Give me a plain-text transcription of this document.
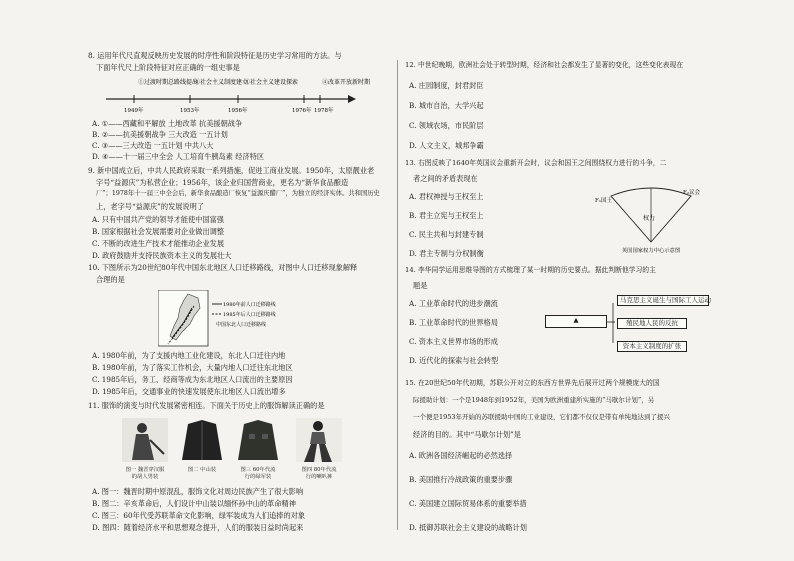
8. 运用年代尺直观反映历史发展的时序性和阶段特征是历史学习常用的方法。与
下面年代尺上阶段特征对应正确的一组史事是
①过渡时期总路线提出
②社会主义制度建立
③社会主义建设探索	④改革开放新时期
1949年	1953年	1956年	1976年 1978年
A. ①——西藏和平解放 土地改革 抗美援朝战争
B. ②——抗美援朝战争 三大改造 一五计划
C. ③——三大改造 一五计划 中共八大
D. ④——十一届三中全会 人工培育牛胰岛素 经济特区
9. 新中国成立后，中共人民政府采取一系列措施，促进工商业发展。1950年，太原靓业老
字号“益源庆”为私营企业；1956年，该企业归国营商业，更名为“新华食品酿造
厂”；1978年十一届三中全会后，新华食品酿造厂恢复“益源庆醋厂”，为独立的经济实体。共和国历史
上，老字号“益源庆”的发展说明了
A. 只有中国共产党的领导才能使中国富强
B. 国家根据社会发展需要对企业做出调整
C. 不断的改进生产技术才能推动企业发展
D. 政府鼓励并支持民族资本主义的发展壮大
10. 下图所示为20世纪80年代中国东北地区人口迁移路线，对图中人口迁移现象解释
合理的是
1980年前人口迁移路线
1985年后人口迁移路线
中国东北人口迁移路线
A. 1980年前，为了支援内地工业化建设，东北人口迁往内地
B. 1980年前，为了落实工作机会，大量内地人口迁往东北地区
C. 1985年后，务工、经商等成为东北地区人口流出的主要原因
D. 1985年后，交通事业的快速发展使东北地区人口流出增多
11. 服饰的演变与时代发展紧密相连。下面关于历史上的服饰解读正确的是
图一 魏晋穿汉服
的胡人男装
图二 中山装	图三 60年代流
行的绿军装
图四 80年代流
行的喇叭裤
A. 图一：魏晋时期中原混乱，服饰文化对周边民族产生了很大影响
B. 图二：辛亥革命后，人们设计中山装以缅怀孙中山的革命精神
C. 图三：60年代受苏联革命文化影响，绿军装成为人们追捧的对象
D. 图四：随着经济水平和思想观念提升，人们的服装日益时尚起来
12. 中世纪晚期，欧洲社会处于转型时期，经济和社会都发生了显著的变化，这些变化表现在
A. 庄园制度，封君封臣
B. 城市自治，大学兴起
C. 领域农场，市民阶层
D. 人文主义，城邦争霸
13. 右图反映了1640年英国议会重新开会时，议会和国王之间围绕权力进行的斗争，二
者之间的矛盾表现在
F₁国王
F₂议会
权力
英国国家权力中心示意图
A. 君权神授与王权至上
B. 君主立宪与王权至上
C. 民主共和与封建专制
D. 君主专制与分权制衡
14. 李华同学运用思维导图的方式梳理了某一时期的历史要点。据此判断他学习的主
题是
▲
马克思主义诞生与国际工人运动
殖民地人民的反抗
资本主义制度的扩张
A. 工业革命时代的进步潮流
B. 工业革命时代的世界格局
C. 资本主义世界市场的形成
D. 近代化的探索与社会转型
15. 在20世纪50年代初期，苏联公开对立的东西方世界先后展开过两个规模庞大的国
际援助计划：一个是1948年到1952年，美国为欧洲重建所实施的“马歇尔计划”，另
一个便是1953年开始的苏联援助中国的工业建设，它们都不仅仅是带有单纯地达到了援兴
经济的目的。其中“马歇尔计划”是
A. 欧洲各国经济崛起的必然选择
B. 美国推行冷战政策的重要步骤
C. 美国建立国际贸易体系的重要举措
D. 抵御苏联社会主义建设的战略计划
